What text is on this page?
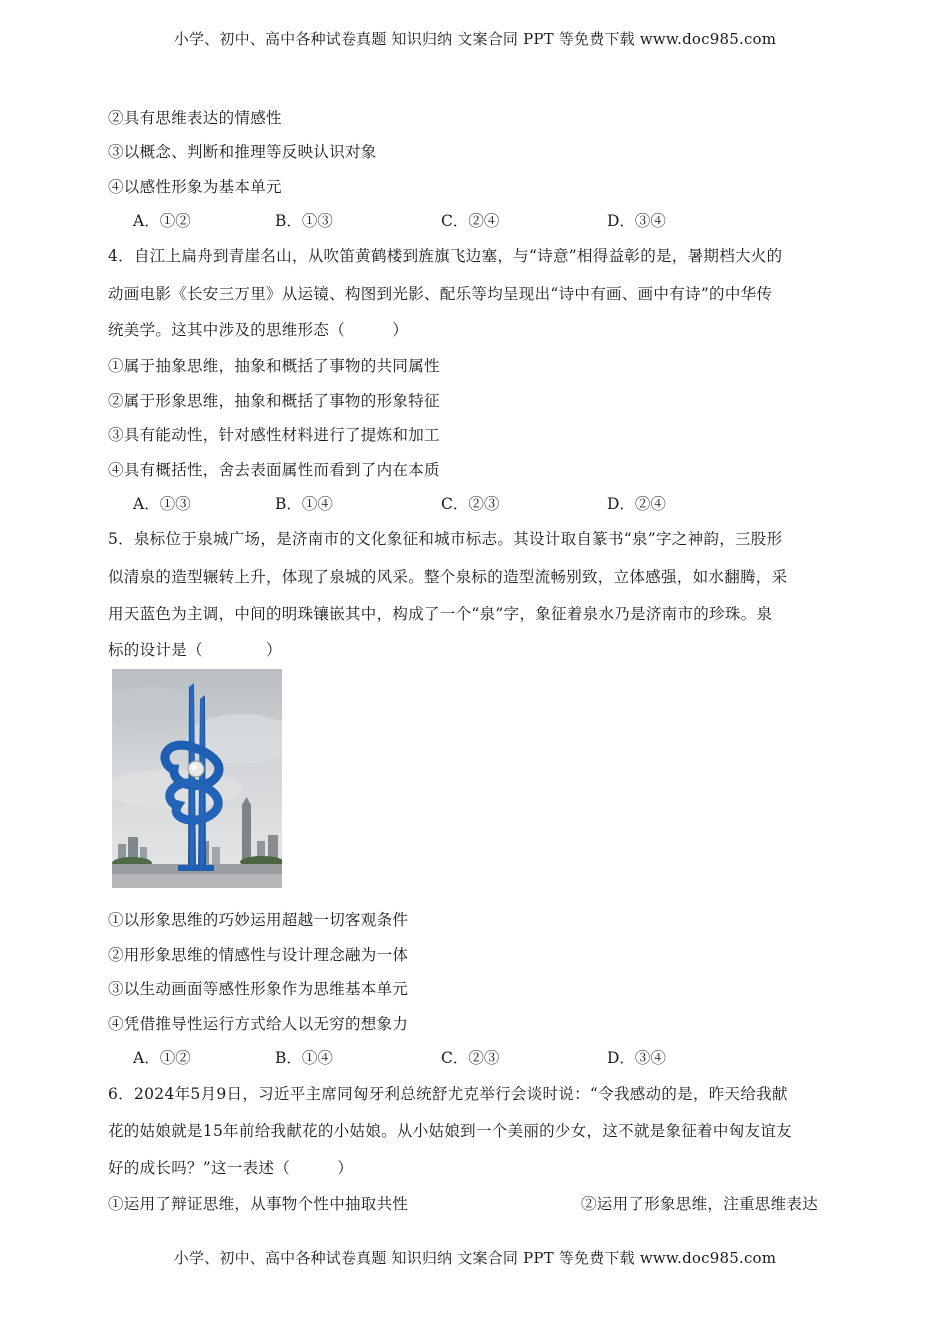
小学、初中、高中各种试卷真题 知识归纳 文案合同 PPT 等免费下载 www.doc985.com
②具有思维表达的情感性
③以概念、判断和推理等反映认识对象
④以感性形象为基本单元
A．①②	B．①③	C．②④	D．③④
4．自江上扁舟到青崖名山，从吹笛黄鹤楼到旌旗飞边塞，与“诗意”相得益彰的是，暑期档大火的
动画电影《长安三万里》从运镜、构图到光影、配乐等均呈现出“诗中有画、画中有诗”的中华传
统美学。这其中涉及的思维形态（　　　）
①属于抽象思维，抽象和概括了事物的共同属性
②属于形象思维，抽象和概括了事物的形象特征
③具有能动性，针对感性材料进行了提炼和加工
④具有概括性，舍去表面属性而看到了内在本质
A．①③	B．①④	C．②③	D．②④
5．泉标位于泉城广场，是济南市的文化象征和城市标志。其设计取自篆书“泉”字之神韵，三股形
似清泉的造型辗转上升，体现了泉城的风采。整个泉标的造型流畅别致，立体感强，如水翻腾，采
用天蓝色为主调，中间的明珠镶嵌其中，构成了一个“泉”字，象征着泉水乃是济南市的珍珠。泉
标的设计是（　　　　）
①以形象思维的巧妙运用超越一切客观条件
②用形象思维的情感性与设计理念融为一体
③以生动画面等感性形象作为思维基本单元
④凭借推导性运行方式给人以无穷的想象力
A．①②	B．①④	C．②③	D．③④
6．2024年5月9日，习近平主席同匈牙利总统舒尤克举行会谈时说：“令我感动的是，昨天给我献
花的姑娘就是15年前给我献花的小姑娘。从小姑娘到一个美丽的少女，这不就是象征着中匈友谊友
好的成长吗？”这一表述（　　　）
①运用了辩证思维，从事物个性中抽取共性	②运用了形象思维，注重思维表达
小学、初中、高中各种试卷真题 知识归纳 文案合同 PPT 等免费下载 www.doc985.com
